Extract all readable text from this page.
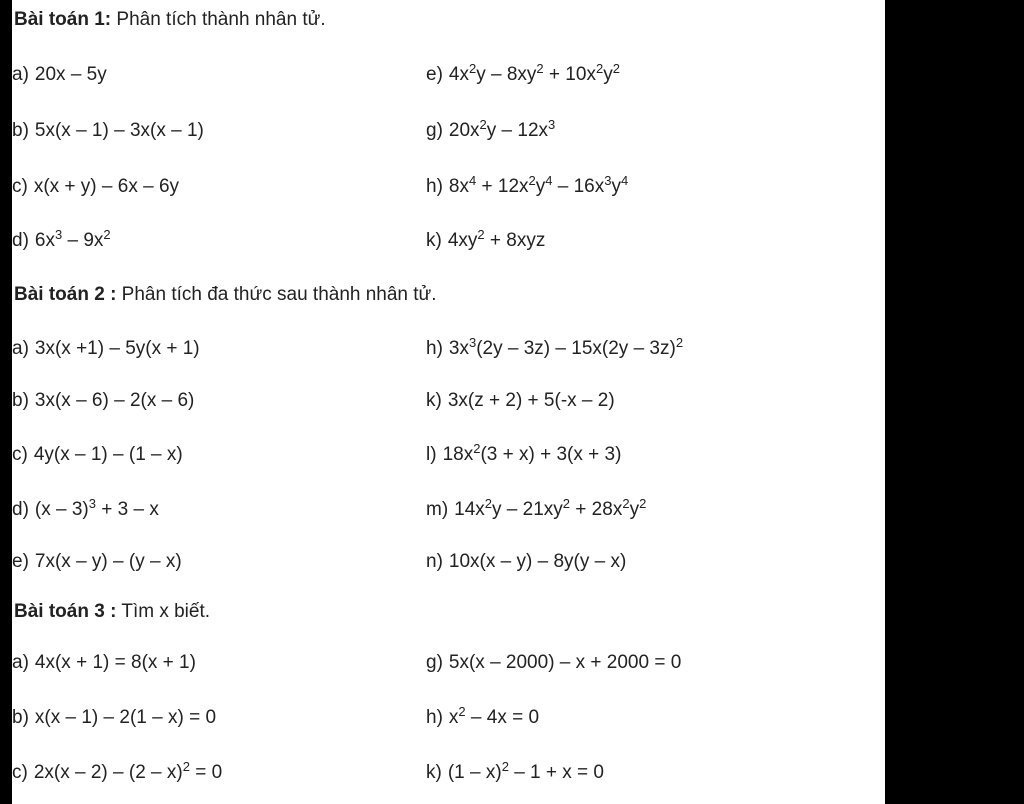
Bài toán 1: Phân tích thành nhân tử.
a) 20x – 5y
b) 5x(x – 1) – 3x(x – 1)
c) x(x + y) – 6x – 6y
d) $6x^3 - 9x^2$
e) $4x^2y - 8xy^2 + 10x^2y^2$
g) $20x^2y - 12x^3$
h) $8x^4 + 12x^2y^4 - 16x^3y^4$
k) $4xy^2 + 8xyz$
Bài toán 2 : Phân tích đa thức sau thành nhân tử.
a) 3x(x +1) – 5y(x + 1)
b) 3x(x – 6) – 2(x – 6)
c) 4y(x – 1) – (1 – x)
d) (x – 3)$^3$ + 3 – x
e) 7x(x – y) – (y – x)
h) $3x^3(2y - 3z) - 15x(2y - 3z)^2$
k) 3x(z + 2) + 5(-x – 2)
l) $18x^2(3 + x) + 3(x + 3)$
m) $14x^2y - 21xy^2 + 28x^2y^2$
n) 10x(x – y) – 8y(y – x)
Bài toán 3 : Tìm x biết.
a) 4x(x + 1) = 8(x + 1)
b) x(x – 1) – 2(1 – x) = 0
c) 2x(x – 2) – (2 – x)$^2$ = 0
g) 5x(x – 2000) – x + 2000 = 0
h) $x^2 - 4x = 0$
k) (1 – x)$^2$ – 1 + x = 0
